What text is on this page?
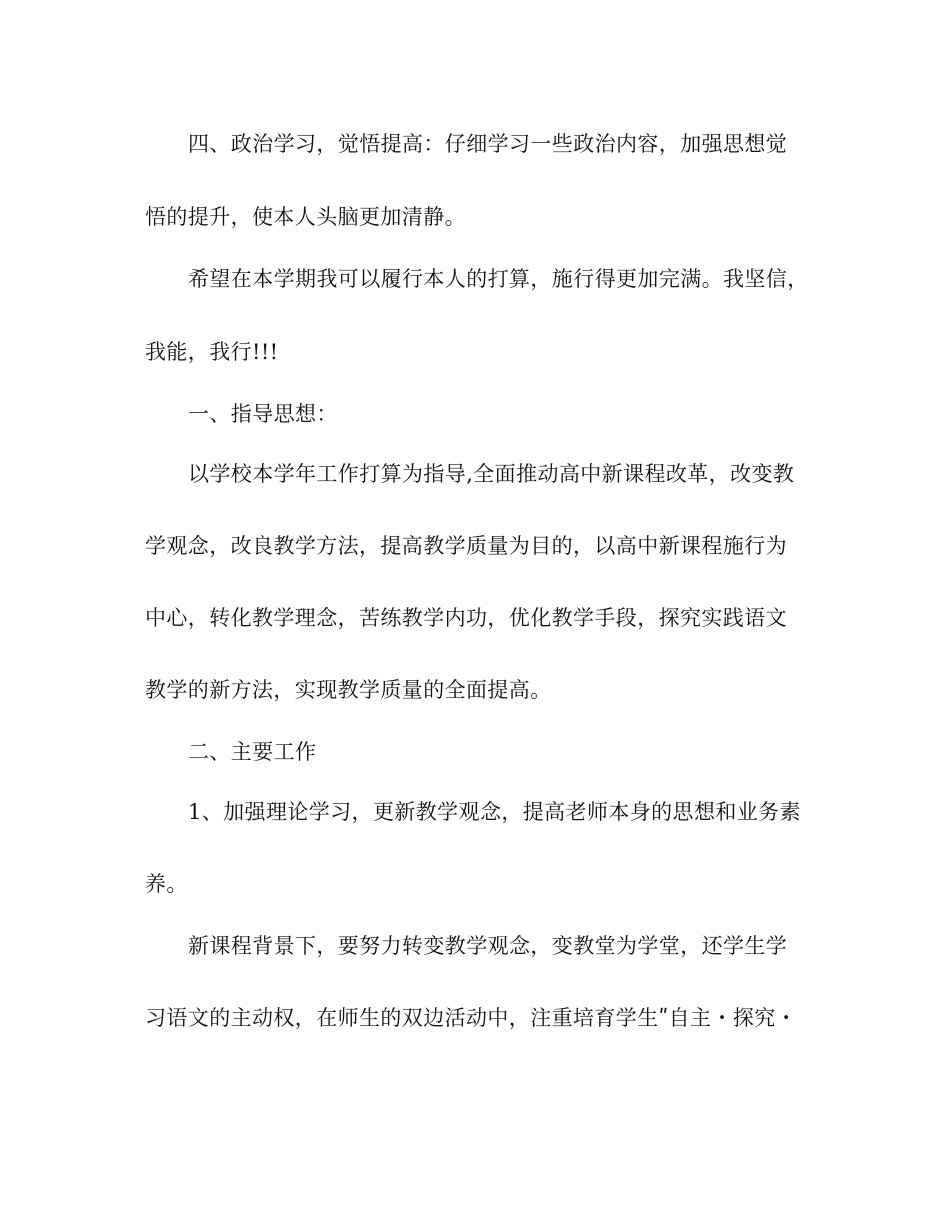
四、政治学习，觉悟提高：仔细学习一些政治内容，加强思想觉
悟的提升，使本人头脑更加清静。
希望在本学期我可以履行本人的打算，施行得更加完满。我坚信，
我能，我行!!!
一、指导思想：
以学校本学年工作打算为指导,全面推动高中新课程改革，改变教
学观念，改良教学方法，提高教学质量为目的，以高中新课程施行为
中心，转化教学理念，苦练教学内功，优化教学手段，探究实践语文
教学的新方法，实现教学质量的全面提高。
二、主要工作
1、加强理论学习，更新教学观念，提高老师本身的思想和业务素
养。
新课程背景下，要努力转变教学观念，变教堂为学堂，还学生学
习语文的主动权，在师生的双边活动中，注重培育学生ʺ自主・探究・
